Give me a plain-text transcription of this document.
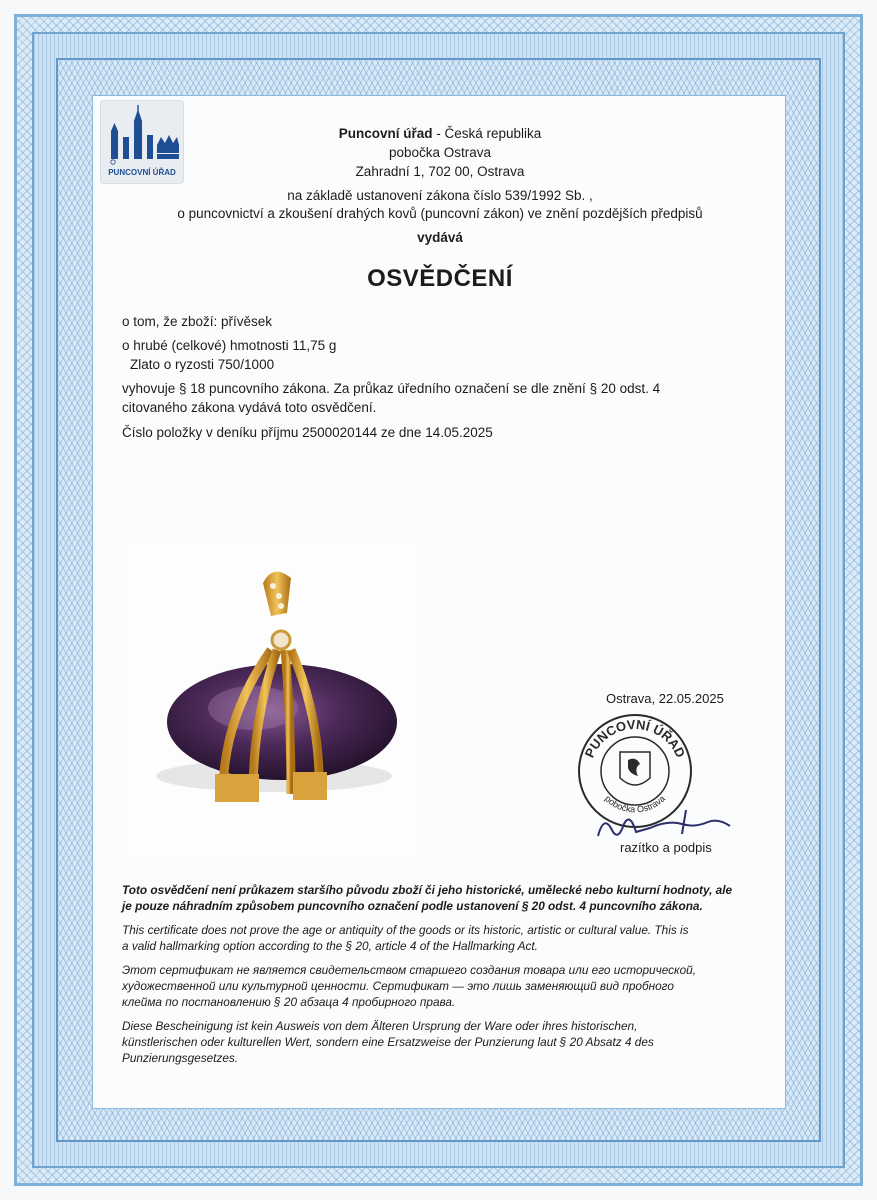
PUNCOVNÍ ÚŘAD
Puncovní úřad - Česká republika
pobočka Ostrava
Zahradní 1, 702 00, Ostrava
na základě ustanovení zákona číslo 539/1992 Sb. ,
o puncovnictví a zkoušení drahých kovů (puncovní zákon) ve znění pozdějších předpisů
vydává
OSVĚDČENÍ
o tom, že zboží: přívěsek
o hrubé (celkové) hmotnosti 11,75 g
Zlato o ryzosti 750/1000
vyhovuje § 18 puncovního zákona. Za průkaz úředního označení se dle znění § 20 odst. 4
citovaného zákona vydává toto osvědčení.
Číslo položky v deníku příjmu 2500020144 ze dne 14.05.2025
Ostrava, 22.05.2025
PUNCOVNÍ ÚŘAD
pobočka Ostrava
razítko a podpis
Toto osvědčení není průkazem staršího původu zboží či jeho historické, umělecké nebo kulturní hodnoty, ale
je pouze náhradním způsobem puncovního označení podle ustanovení § 20 odst. 4 puncovního zákona.
This certificate does not prove the age or antiquity of the goods or its historic, artistic or cultural value. This is
a valid hallmarking option according to the § 20, article 4 of the Hallmarking Act.
Этот сертификат не является свидетельством старшего создания товара или его исторической,
художественной или культурной ценности. Сертификат — это лишь заменяющий вид пробного
клейма по постановлению § 20 абзаца 4 пробирного права.
Diese Bescheinigung ist kein Ausweis von dem Älteren Ursprung der Ware oder ihres historischen,
künstlerischen oder kulturellen Wert, sondern eine Ersatzweise der Punzierung laut § 20 Absatz 4 des
Punzierungsgesetzes.
